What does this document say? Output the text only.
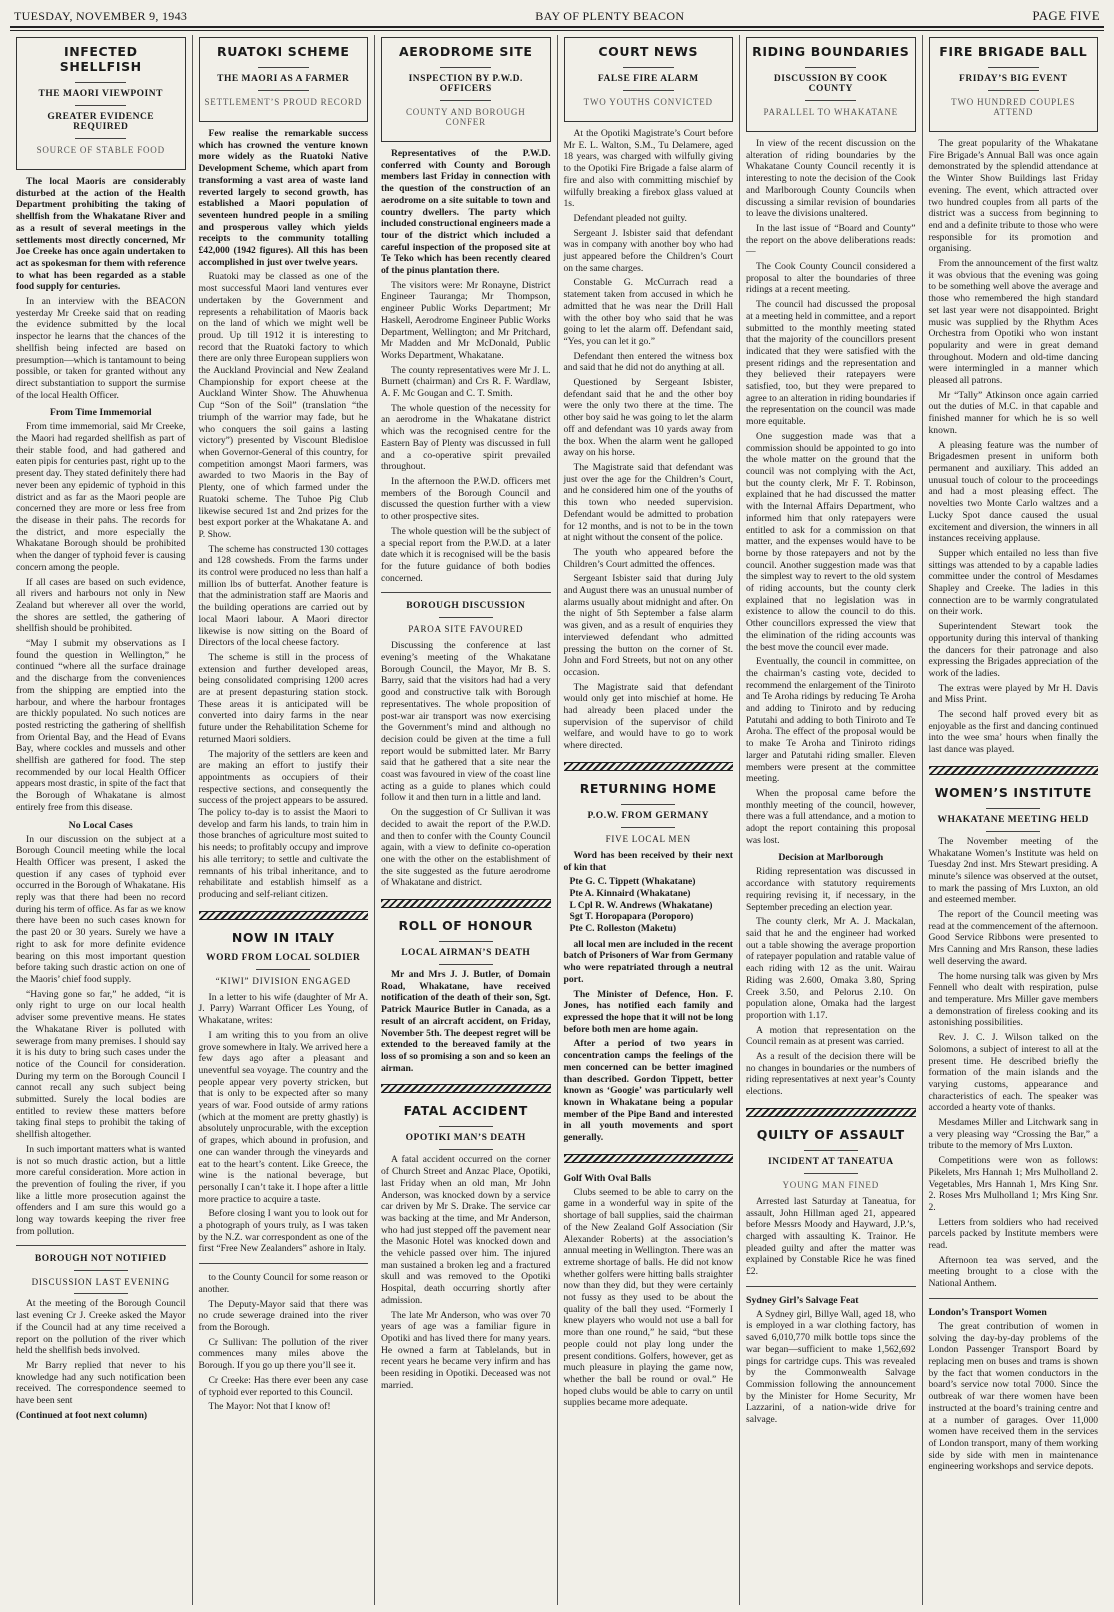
TUESDAY, NOVEMBER 9, 1943	BAY OF PLENTY BEACON	PAGE FIVE
INFECTED SHELLFISH
THE MAORI VIEWPOINT
GREATER EVIDENCE REQUIRED
SOURCE OF STABLE FOOD

The local Maoris are considerably disturbed at the action of the Health Department prohibiting the taking of shellfish from the Whakatane River and as a result of several meetings in the settlements most directly concerned, Mr Joe Creeke has once again undertaken to act as spokesman for them with reference to what has been regarded as a stable food supply for centuries.

In an interview with the BEACON yesterday Mr Creeke said that on reading the evidence submitted by the local inspector he learns that the chances of the shellfish being infected are based on presumption—which is tantamount to being possible, or taken for granted without any direct substantiation to support the surmise of the local Health Officer.

From Time Immemorial

From time immemorial, said Mr Creeke, the Maori had regarded shellfish as part of their stable food, and had gathered and eaten pipis for centuries past, right up to the present day. They stated definitely there had never been any epidemic of typhoid in this district and as far as the Maori people are concerned they are more or less free from the disease in their pahs. The records for the district, and more especially the Whakatane Borough should be prohibited when the danger of typhoid fever is causing concern among the people.

If all cases are based on such evidence, all rivers and harbours not only in New Zealand but wherever all over the world, the shores are settled, the gathering of shellfish should be prohibited.

“May I submit my observations as I found the question in Wellington,” he continued “where all the surface drainage and the discharge from the conveniences from the shipping are emptied into the harbour, and where the harbour frontages are thickly populated. No such notices are posted restricting the gathering of shellfish from Oriental Bay, and the Head of Evans Bay, where cockles and mussels and other shellfish are gathered for food. The step recommended by our local Health Officer appears most drastic, in spite of the fact that the Borough of Whakatane is almost entirely free from this disease.

No Local Cases

In our discussion on the subject at a Borough Council meeting while the local Health Officer was present, I asked the question if any cases of typhoid ever occurred in the Borough of Whakatane. His reply was that there had been no record during his term of office. As far as we know there have been no such cases known for the past 20 or 30 years. Surely we have a right to ask for more definite evidence bearing on this most important question before taking such drastic action on one of the Maoris’ chief food supply.

“Having gone so far,” he added, “it is only right to urge on our local health adviser some preventive means. He states the Whakatane River is polluted with sewerage from many premises. I should say it is his duty to bring such cases under the notice of the Council for consideration. During my term on the Borough Council I cannot recall any such subject being submitted. Surely the local bodies are entitled to review these matters before taking final steps to prohibit the taking of shellfish altogether.

In such important matters what is wanted is not so much drastic action, but a little more careful consideration. More action in the prevention of fouling the river, if you like a little more prosecution against the offenders and I am sure this would go a long way towards keeping the river free from pollution.

BOROUGH NOT NOTIFIED
DISCUSSION LAST EVENING

At the meeting of the Borough Council last evening Cr J. Creeke asked the Mayor if the Council had at any time received a report on the pollution of the river which held the shellfish beds involved.

Mr Barry replied that never to his knowledge had any such notification been received. The correspondence seemed to have been sent

(Continued at foot next column)

RUATOKI SCHEME
THE MAORI AS A FARMER
SETTLEMENT’S PROUD RECORD

Few realise the remarkable success which has crowned the venture known more widely as the Ruatoki Native Development Scheme, which apart from transforming a vast area of waste land reverted largely to second growth, has established a Maori population of seventeen hundred people in a smiling and prosperous valley which yields receipts to the community totalling £42,000 (1942 figures). All this has been accomplished in just over twelve years.

Ruatoki may be classed as one of the most successful Maori land ventures ever undertaken by the Government and represents a rehabilitation of Maoris back on the land of which we might well be proud. Up till 1912 it is interesting to record that the Ruatoki factory to which there are only three European suppliers won the Auckland Provincial and New Zealand Championship for export cheese at the Auckland Winter Show. The Ahuwhenua Cup “Son of the Soil” (translation “the triumph of the warrior may fade, but he who conquers the soil gains a lasting victory”) presented by Viscount Bledisloe when Governor-General of this country, for competition amongst Maori farmers, was awarded to two Maoris in the Bay of Plenty, one of which farmed under the Ruatoki scheme. The Tuhoe Pig Club likewise secured 1st and 2nd prizes for the best export porker at the Whakatane A. and P. Show.

The scheme has constructed 130 cottages and 128 cowsheds. From the farms under its control were produced no less than half a million lbs of butterfat. Another feature is that the administration staff are Maoris and the building operations are carried out by local Maori labour. A Maori director likewise is now sitting on the Board of Directors of the local cheese factory.

The scheme is still in the process of extension and further developed areas, being consolidated comprising 1200 acres are at present depasturing station stock. These areas it is anticipated will be converted into dairy farms in the near future under the Rehabilitation Scheme for returned Maori soldiers.

The majority of the settlers are keen and are making an effort to justify their appointments as occupiers of their respective sections, and consequently the success of the project appears to be assured. The policy to-day is to assist the Maori to develop and farm his lands, to train him in those branches of agriculture most suited to his needs; to profitably occupy and improve his alle territory; to settle and cultivate the remnants of his tribal inheritance, and to rehabilitate and establish himself as a producing and self-reliant citizen.

NOW IN ITALY
WORD FROM LOCAL SOLDIER
“KIWI” DIVISION ENGAGED

In a letter to his wife (daughter of Mr A. J. Parry) Warrant Officer Les Young, of Whakatane, writes:

I am writing this to you from an olive grove somewhere in Italy. We arrived here a few days ago after a pleasant and uneventful sea voyage. The country and the people appear very poverty stricken, but that is only to be expected after so many years of war. Food outside of army rations (which at the moment are pretty ghastly) is absolutely unprocurable, with the exception of grapes, which abound in profusion, and one can wander through the vineyards and eat to the heart’s content. Like Greece, the wine is the national beverage, but personally I can’t take it. I hope after a little more practice to acquire a taste.

Before closing I want you to look out for a photograph of yours truly, as I was taken by the N.Z. war correspondent as one of the first “Free New Zealanders” ashore in Italy.

to the County Council for some reason or another.

The Deputy-Mayor said that there was no crude sewerage drained into the river from the Borough.

Cr Sullivan: The pollution of the river commences many miles above the Borough. If you go up there you’ll see it.

Cr Creeke: Has there ever been any case of typhoid ever reported to this Council.

The Mayor: Not that I know of!

AERODROME SITE
INSPECTION BY P.W.D. OFFICERS
COUNTY AND BOROUGH CONFER

Representatives of the P.W.D. conferred with County and Borough members last Friday in connection with the question of the construction of an aerodrome on a site suitable to town and country dwellers. The party which included constructional engineers made a tour of the district which included a careful inspection of the proposed site at Te Teko which has been recently cleared of the pinus plantation there.

The visitors were: Mr Ronayne, District Engineer Tauranga; Mr Thompson, engineer Public Works Department; Mr Haskell, Aerodrome Engineer Public Works Department, Wellington; and Mr Pritchard, Mr Madden and Mr McDonald, Public Works Department, Whakatane.

The county representatives were Mr J. L. Burnett (chairman) and Crs R. F. Wardlaw, A. F. Mc Gougan and C. T. Smith.

The whole question of the necessity for an aerodrome in the Whakatane district which was the recognised centre for the Eastern Bay of Plenty was discussed in full and a co-operative spirit prevailed throughout.

In the afternoon the P.W.D. officers met members of the Borough Council and discussed the question further with a view to other prospective sites.

The whole question will be the subject of a special report from the P.W.D. at a later date which it is recognised will be the basis for the future guidance of both bodies concerned.

BOROUGH DISCUSSION
PAROA SITE FAVOURED

Discussing the conference at last evening’s meeting of the Whakatane Borough Council, the Mayor, Mr B. S. Barry, said that the visitors had had a very good and constructive talk with Borough representatives. The whole proposition of post-war air transport was now exercising the Government’s mind and although no decision could be given at the time a full report would be submitted later. Mr Barry said that he gathered that a site near the coast was favoured in view of the coast line acting as a guide to planes which could follow it and then turn in a little and land.

On the suggestion of Cr Sullivan it was decided to await the report of the P.W.D. and then to confer with the County Council again, with a view to definite co-operation one with the other on the establishment of the site suggested as the future aerodrome of Whakatane and district.

ROLL OF HONOUR
LOCAL AIRMAN’S DEATH

Mr and Mrs J. J. Butler, of Domain Road, Whakatane, have received notification of the death of their son, Sgt. Patrick Maurice Butler in Canada, as a result of an aircraft accident, on Friday, November 5th. The deepest regret will be extended to the bereaved family at the loss of so promising a son and so keen an airman.

FATAL ACCIDENT
OPOTIKI MAN’S DEATH

A fatal accident occurred on the corner of Church Street and Anzac Place, Opotiki, last Friday when an old man, Mr John Anderson, was knocked down by a service car driven by Mr S. Drake. The service car was backing at the time, and Mr Anderson, who had just stepped off the pavement near the Masonic Hotel was knocked down and the vehicle passed over him. The injured man sustained a broken leg and a fractured skull and was removed to the Opotiki Hospital, death occurring shortly after admission.

The late Mr Anderson, who was over 70 years of age was a familiar figure in Opotiki and has lived there for many years. He owned a farm at Tablelands, but in recent years he became very infirm and has been residing in Opotiki. Deceased was not married.

COURT NEWS
FALSE FIRE ALARM
TWO YOUTHS CONVICTED

At the Opotiki Magistrate’s Court before Mr E. L. Walton, S.M., Tu Delamere, aged 18 years, was charged with wilfully giving to the Opotiki Fire Brigade a false alarm of fire and also with committing mischief by wilfully breaking a firebox glass valued at 1s.

Defendant pleaded not guilty.

Sergeant J. Isbister said that defendant was in company with another boy who had just appeared before the Children’s Court on the same charges.

Constable G. McCurrach read a statement taken from accused in which he admitted that he was near the Drill Hall with the other boy who said that he was going to let the alarm off. Defendant said, “Yes, you can let it go.”

Defendant then entered the witness box and said that he did not do anything at all.

Questioned by Sergeant Isbister, defendant said that he and the other boy were the only two there at the time. The other boy said he was going to let the alarm off and defendant was 10 yards away from the box. When the alarm went he galloped away on his horse.

The Magistrate said that defendant was just over the age for the Children’s Court, and he considered him one of the youths of this town who needed supervision. Defendant would be admitted to probation for 12 months, and is not to be in the town at night without the consent of the police.

The youth who appeared before the Children’s Court admitted the offences.

Sergeant Isbister said that during July and August there was an unusual number of alarms usually about midnight and after. On the night of 5th September a false alarm was given, and as a result of enquiries they interviewed defendant who admitted pressing the button on the corner of St. John and Ford Streets, but not on any other occasion.

The Magistrate said that defendant would only get into mischief at home. He had already been placed under the supervision of the supervisor of child welfare, and would have to go to work where directed.

RETURNING HOME
P.O.W. FROM GERMANY
FIVE LOCAL MEN

Word has been received by their next of kin that

Pte G. C. Tippett (Whakatane)
Pte A. Kinnaird (Whakatane)
L Cpl R. W. Andrews (Whakatane)
Sgt T. Horopapara (Poroporo)
Pte C. Rolleston (Maketu)

all local men are included in the recent batch of Prisoners of War from Germany who were repatriated through a neutral port.

The Minister of Defence, Hon. F. Jones, has notified each family and expressed the hope that it will not be long before both men are home again.

After a period of two years in concentration camps the feelings of the men concerned can be better imagined than described. Gordon Tippett, better known as ‘Googie’ was particularly well known in Whakatane being a popular member of the Pipe Band and interested in all youth movements and sport generally.

Golf With Oval Balls

Clubs seemed to be able to carry on the game in a wonderful way in spite of the shortage of ball supplies, said the chairman of the New Zealand Golf Association (Sir Alexander Roberts) at the association’s annual meeting in Wellington. There was an extreme shortage of balls. He did not know whether golfers were hitting balls straighter now than they did, but they were certainly not fussy as they used to be about the quality of the ball they used. “Formerly I knew players who would not use a ball for more than one round,” he said, “but these people could not play long under the present conditions. Golfers, however, get as much pleasure in playing the game now, whether the ball be round or oval.” He hoped clubs would be able to carry on until supplies became more adequate.

RIDING BOUNDARIES
DISCUSSION BY COOK COUNTY
PARALLEL TO WHAKATANE

In view of the recent discussion on the alteration of riding boundaries by the Whakatane County Council recently it is interesting to note the decision of the Cook and Marlborough County Councils when discussing a similar revision of boundaries to leave the divisions unaltered.

In the last issue of “Board and County” the report on the above deliberations reads:—

The Cook County Council considered a proposal to alter the boundaries of three ridings at a recent meeting.

The council had discussed the proposal at a meeting held in committee, and a report submitted to the monthly meeting stated that the majority of the councillors present indicated that they were satisfied with the present ridings and the representation and they believed their ratepayers were satisfied, too, but they were prepared to agree to an alteration in riding boundaries if the representation on the council was made more equitable.

One suggestion made was that a commission should be appointed to go into the whole matter on the ground that the council was not complying with the Act, but the county clerk, Mr F. T. Robinson, explained that he had discussed the matter with the Internal Affairs Department, who informed him that only ratepayers were entitled to ask for a commission on that matter, and the expenses would have to be borne by those ratepayers and not by the council. Another suggestion made was that the simplest way to revert to the old system of riding accounts, but the county clerk explained that no legislation was in existence to allow the council to do this. Other councillors expressed the view that the elimination of the riding accounts was the best move the council ever made.

Eventually, the council in committee, on the chairman’s casting vote, decided to recommend the enlargement of the Tiniroto and Te Aroha ridings by reducing Te Aroha and adding to Tiniroto and by reducing Patutahi and adding to both Tiniroto and Te Aroha. The effect of the proposal would be to make Te Aroha and Tiniroto ridings larger and Patutahi riding smaller. Eleven members were present at the committee meeting.

When the proposal came before the monthly meeting of the council, however, there was a full attendance, and a motion to adopt the report containing this proposal was lost.

Decision at Marlborough

Riding representation was discussed in accordance with statutory requirements requiring revising it, if necessary, in the September preceding an election year.

The county clerk, Mr A. J. Mackalan, said that he and the engineer had worked out a table showing the average proportion of ratepayer population and ratable value of each riding with 12 as the unit. Wairau Riding was 2.600, Omaka 3.80, Spring Creek 3.50, and Pelorus 2.10. On population alone, Omaka had the largest proportion with 1.17.

A motion that representation on the Council remain as at present was carried.

As a result of the decision there will be no changes in boundaries or the numbers of riding representatives at next year’s County elections.

QUILTY OF ASSAULT
INCIDENT AT TANEATUA
YOUNG MAN FINED

Arrested last Saturday at Taneatua, for assault, John Hillman aged 21, appeared before Messrs Moody and Hayward, J.P.’s, charged with assaulting K. Trainor. He pleaded guilty and after the matter was explained by Constable Rice he was fined £2.

Sydney Girl’s Salvage Feat

A Sydney girl, Billye Wall, aged 18, who is employed in a war clothing factory, has saved 6,010,770 milk bottle tops since the war began—sufficient to make 1,562,692 pings for cartridge cups. This was revealed by the Commonwealth Salvage Commission following the announcement by the Minister for Home Security, Mr Lazzarini, of a nation-wide drive for salvage.

FIRE BRIGADE BALL
FRIDAY’S BIG EVENT
TWO HUNDRED COUPLES ATTEND

The great popularity of the Whakatane Fire Brigade’s Annual Ball was once again demonstrated by the splendid attendance at the Winter Show Buildings last Friday evening. The event, which attracted over two hundred couples from all parts of the district was a success from beginning to end and a definite tribute to those who were responsible for its promotion and organising.

From the announcement of the first waltz it was obvious that the evening was going to be something well above the average and those who remembered the high standard set last year were not disappointed. Bright music was supplied by the Rhythm Aces Orchestra from Opotiki who won instant popularity and were in great demand throughout. Modern and old-time dancing were intermingled in a manner which pleased all patrons.

Mr “Tally” Atkinson once again carried out the duties of M.C. in that capable and finished manner for which he is so well known.

A pleasing feature was the number of Brigadesmen present in uniform both permanent and auxiliary. This added an unusual touch of colour to the proceedings and had a most pleasing effect. The novelties two Monte Carlo waltzes and a Lucky Spot dance caused the usual excitement and diversion, the winners in all instances receiving applause.

Supper which entailed no less than five sittings was attended to by a capable ladies committee under the control of Mesdames Shapley and Creeke. The ladies in this connection are to be warmly congratulated on their work.

Superintendent Stewart took the opportunity during this interval of thanking the dancers for their patronage and also expressing the Brigades appreciation of the work of the ladies.

The extras were played by Mr H. Davis and Miss Print.

The second half proved every bit as enjoyable as the first and dancing continued into the wee sma’ hours when finally the last dance was played.

WOMEN’S INSTITUTE
WHAKATANE MEETING HELD

The November meeting of the Whakatane Women’s Institute was held on Tuesday 2nd inst. Mrs Stewart presiding. A minute’s silence was observed at the outset, to mark the passing of Mrs Luxton, an old and esteemed member.

The report of the Council meeting was read at the commencement of the afternoon. Good Service Ribbons were presented to Mrs Canning and Mrs Ranson, these ladies well deserving the award.

The home nursing talk was given by Mrs Fennell who dealt with respiration, pulse and temperature. Mrs Miller gave members a demonstration of fireless cooking and its astonishing possibilities.

Rev. J. C. J. Wilson talked on the Solomons, a subject of interest to all at the present time. He described briefly the formation of the main islands and the varying customs, appearance and characteristics of each. The speaker was accorded a hearty vote of thanks.

Mesdames Miller and Litchwark sang in a very pleasing way “Crossing the Bar,” a tribute to the memory of Mrs Luxton.

Competitions were won as follows: Pikelets, Mrs Hannah 1; Mrs Mulholland 2. Vegetables, Mrs Hannah 1, Mrs King Snr. 2. Roses Mrs Mulholland 1; Mrs King Snr. 2.

Letters from soldiers who had received parcels packed by Institute members were read.

Afternoon tea was served, and the meeting brought to a close with the National Anthem.

London’s Transport Women

The great contribution of women in solving the day-by-day problems of the London Passenger Transport Board by replacing men on buses and trams is shown by the fact that women conductors in the board’s service now total 7000. Since the outbreak of war there women have been instructed at the board’s training centre and at a number of garages. Over 11,000 women have received them in the services of London transport, many of them working side by side with men in maintenance engineering workshops and service depots.
